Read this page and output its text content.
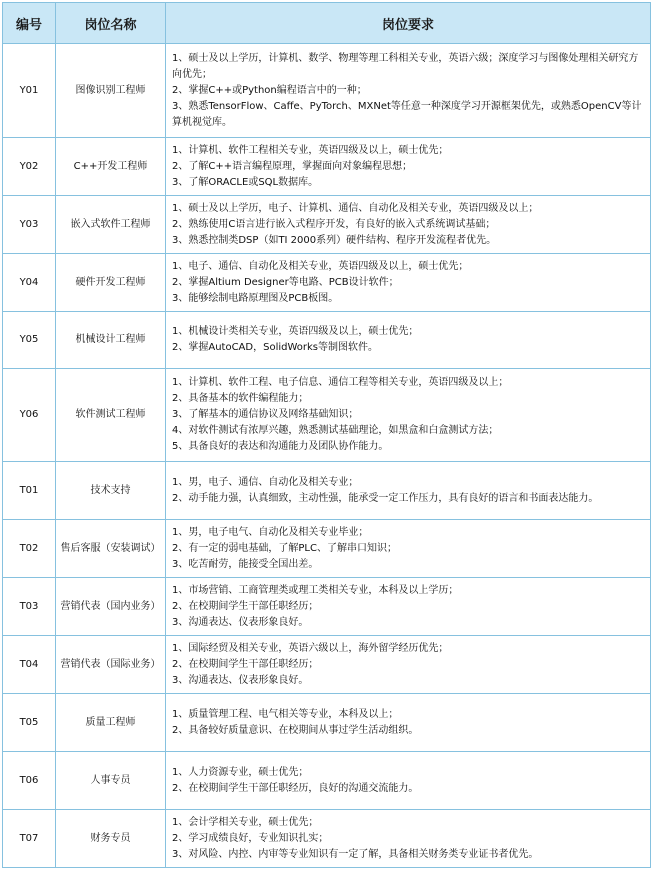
编号	岗位名称	岗位要求
Y01	图像识别工程师	1、硕士及以上学历，计算机、数学、物理等理工科相关专业，英语六级；深度学习与图像处理相关研究方向优先；
2、掌握C++或Python编程语言中的一种；
3、熟悉TensorFlow、Caffe、PyTorch、MXNet等任意一种深度学习开源框架优先，或熟悉OpenCV等计算机视觉库。

Y02	C++开发工程师	1、计算机、软件工程相关专业，英语四级及以上，硕士优先；
2、了解C++语言编程原理，掌握面向对象编程思想；
3、了解ORACLE或SQL数据库。

Y03	嵌入式软件工程师	1、硕士及以上学历，电子、计算机、通信、自动化及相关专业，英语四级及以上；
2、熟练使用C语言进行嵌入式程序开发，有良好的嵌入式系统调试基础；
3、熟悉控制类DSP（如TI 2000系列）硬件结构、程序开发流程者优先。

Y04	硬件开发工程师	1、电子、通信、自动化及相关专业，英语四级及以上，硕士优先；
2、掌握Altium Designer等电路、PCB设计软件；
3、能够绘制电路原理图及PCB板图。

Y05	机械设计工程师	1、机械设计类相关专业，英语四级及以上，硕士优先；
2、掌握AutoCAD，SolidWorks等制图软件。

Y06	软件测试工程师	1、计算机、软件工程、电子信息、通信工程等相关专业，英语四级及以上；
2、具备基本的软件编程能力；
3、了解基本的通信协议及网络基础知识；
4、对软件测试有浓厚兴趣，熟悉测试基础理论，如黑盒和白盒测试方法；
5、具备良好的表达和沟通能力及团队协作能力。

T01	技术支持	1、男，电子、通信、自动化及相关专业；
2、动手能力强，认真细致，主动性强，能承受一定工作压力，具有良好的语言和书面表达能力。

T02	售后客服（安装调试）	1、男，电子电气、自动化及相关专业毕业；
2、有一定的弱电基础，了解PLC、了解串口知识；
3、吃苦耐劳，能接受全国出差。

T03	营销代表（国内业务）	1、市场营销、工商管理类或理工类相关专业，本科及以上学历；
2、在校期间学生干部任职经历；
3、沟通表达、仪表形象良好。

T04	营销代表（国际业务）	1、国际经贸及相关专业，英语六级以上，海外留学经历优先；
2、在校期间学生干部任职经历；
3、沟通表达、仪表形象良好。

T05	质量工程师	1、质量管理工程、电气相关等专业，本科及以上；
2、具备较好质量意识、在校期间从事过学生活动组织。

T06	人事专员	1、人力资源专业，硕士优先；
2、在校期间学生干部任职经历，良好的沟通交流能力。

T07	财务专员	1、会计学相关专业，硕士优先；
2、学习成绩良好，专业知识扎实；
3、对风险、内控、内审等专业知识有一定了解，具备相关财务类专业证书者优先。
